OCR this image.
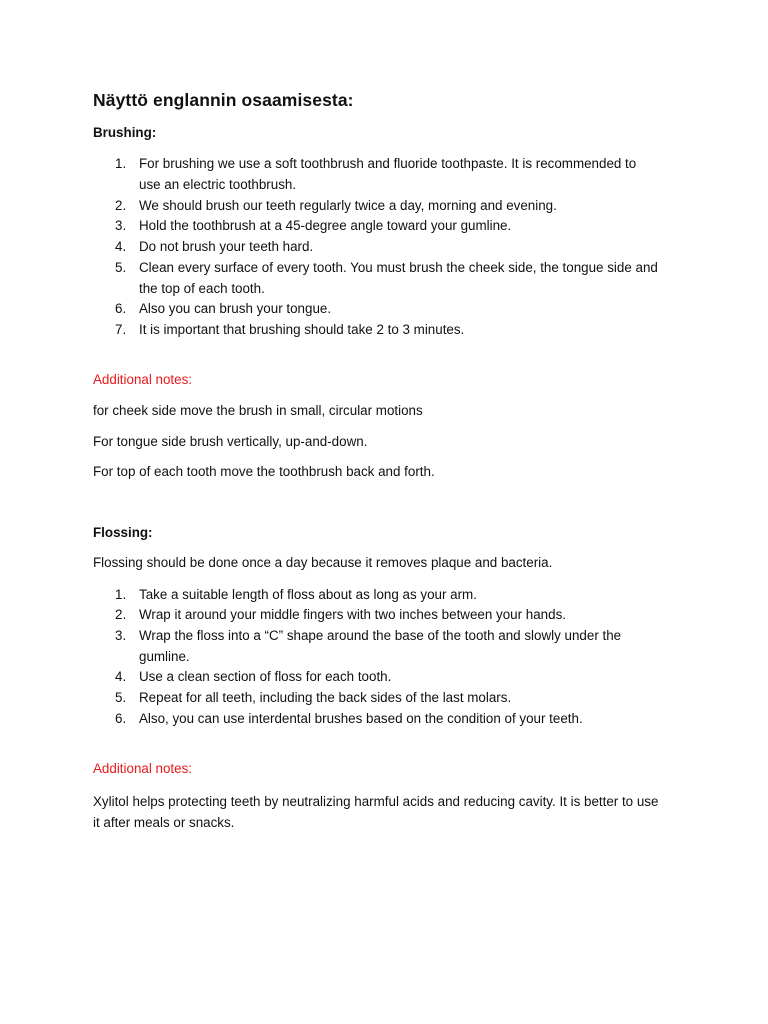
Näyttö englannin osaamisesta:
Brushing:
1. For brushing we use a soft toothbrush and fluoride toothpaste. It is recommended to use an electric toothbrush.
2. We should brush our teeth regularly twice a day, morning and evening.
3. Hold the toothbrush at a 45-degree angle toward your gumline.
4. Do not brush your teeth hard.
5. Clean every surface of every tooth. You must brush the cheek side, the tongue side and the top of each tooth.
6. Also you can brush your tongue.
7. It is important that brushing should take 2 to 3 minutes.
Additional notes:
for cheek side move the brush in small, circular motions
For tongue side brush vertically, up-and-down.
For top of each tooth move the toothbrush back and forth.
Flossing:
Flossing should be done once a day because it removes plaque and bacteria.
1. Take a suitable length of floss about as long as your arm.
2. Wrap it around your middle fingers with two inches between your hands.
3. Wrap the floss into a “C” shape around the base of the tooth and slowly under the gumline.
4. Use a clean section of floss for each tooth.
5. Repeat for all teeth, including the back sides of the last molars.
6. Also, you can use interdental brushes based on the condition of your teeth.
Additional notes:
Xylitol helps protecting teeth by neutralizing harmful acids and reducing cavity. It is better to use it after meals or snacks.
